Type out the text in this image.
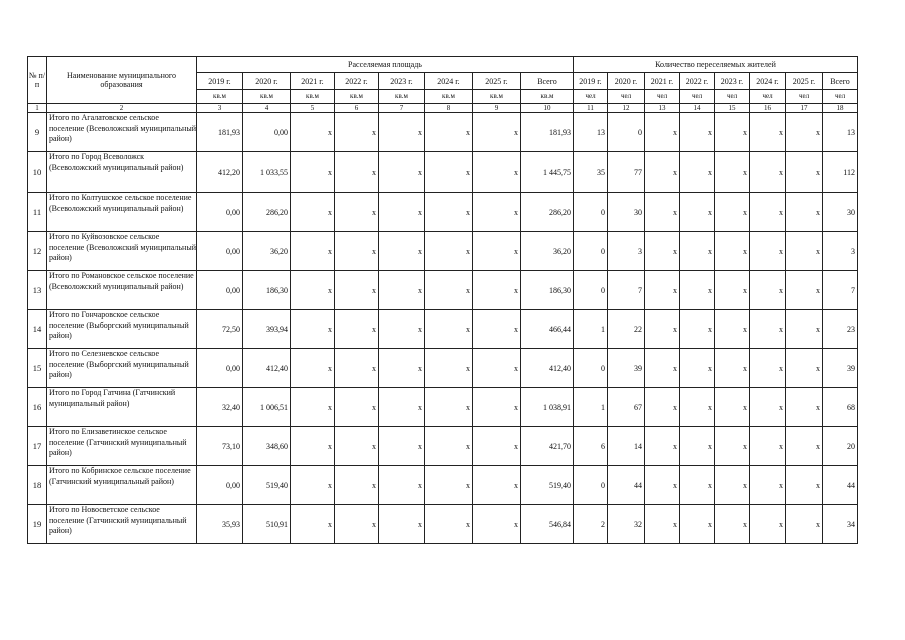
№ п/п	Наименование муниципального образования	Расселяемая площадь								Количество переселяемых жителей							
		2019 г.	2020 г.	2021 г.	2022 г.	2023 г.	2024 г.	2025 г.	Всего	2019 г.	2020 г.	2021 г.	2022 г.	2023 г.	2024 г.	2025 г.	Всего
		кв.м	кв.м	кв.м	кв.м	кв.м	кв.м	кв.м	кв.м	чел	чел	чел	чел	чел	чел	чел	чел
1	2	3	4	5	6	7	8	9	10	11	12	13	14	15	16	17	18
9	Итого по Агалатовское сельское поселение (Всеволожский муниципальный район)	181,93	0,00	x	x	x	x	x	181,93	13	0	x	x	x	x	x	13
10	Итого по Город Всеволожск (Всеволожский муниципальный район)	412,20	1 033,55	x	x	x	x	x	1 445,75	35	77	x	x	x	x	x	112
11	Итого по Колтушское сельское поселение (Всеволожский муниципальный район)	0,00	286,20	x	x	x	x	x	286,20	0	30	x	x	x	x	x	30
12	Итого по Куйвозовское сельское поселение (Всеволожский муниципальный район)	0,00	36,20	x	x	x	x	x	36,20	0	3	x	x	x	x	x	3
13	Итого по Романовское сельское поселение (Всеволожский муниципальный район)	0,00	186,30	x	x	x	x	x	186,30	0	7	x	x	x	x	x	7
14	Итого по Гончаровское сельское поселение (Выборгский муниципальный район)	72,50	393,94	x	x	x	x	x	466,44	1	22	x	x	x	x	x	23
15	Итого по Селезневское сельское поселение (Выборгский муниципальный район)	0,00	412,40	x	x	x	x	x	412,40	0	39	x	x	x	x	x	39
16	Итого по Город Гатчина (Гатчинский муниципальный район)	32,40	1 006,51	x	x	x	x	x	1 038,91	1	67	x	x	x	x	x	68
17	Итого по Елизаветинское сельское поселение (Гатчинский муниципальный район)	73,10	348,60	x	x	x	x	x	421,70	6	14	x	x	x	x	x	20
18	Итого по Кобринское сельское поселение (Гатчинский муниципальный район)	0,00	519,40	x	x	x	x	x	519,40	0	44	x	x	x	x	x	44
19	Итого по Новосветское сельское поселение (Гатчинский муниципальный район)	35,93	510,91	x	x	x	x	x	546,84	2	32	x	x	x	x	x	34
